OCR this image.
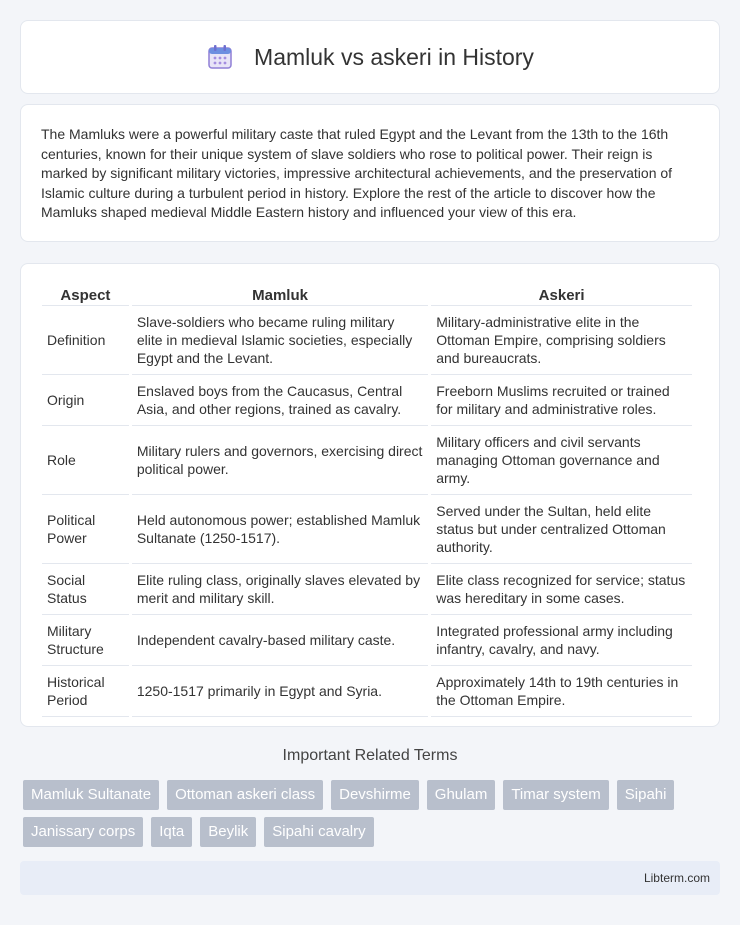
Mamluk vs askeri in History

The Mamluks were a powerful military caste that ruled Egypt and the Levant from the 13th to the 16th centuries, known for their unique system of slave soldiers who rose to political power. Their reign is marked by significant military victories, impressive architectural achievements, and the preservation of Islamic culture during a turbulent period in history. Explore the rest of the article to discover how the Mamluks shaped medieval Middle Eastern history and influenced your view of this era.

Aspect	Mamluk	Askeri
Definition	Slave-soldiers who became ruling military elite in medieval Islamic societies, especially Egypt and the Levant.	Military-administrative elite in the Ottoman Empire, comprising soldiers and bureaucrats.
Origin	Enslaved boys from the Caucasus, Central Asia, and other regions, trained as cavalry.	Freeborn Muslims recruited or trained for military and administrative roles.
Role	Military rulers and governors, exercising direct political power.	Military officers and civil servants managing Ottoman governance and army.
Political Power	Held autonomous power; established Mamluk Sultanate (1250-1517).	Served under the Sultan, held elite status but under centralized Ottoman authority.
Social Status	Elite ruling class, originally slaves elevated by merit and military skill.	Elite class recognized for service; status was hereditary in some cases.
Military Structure	Independent cavalry-based military caste.	Integrated professional army including infantry, cavalry, and navy.
Historical Period	1250-1517 primarily in Egypt and Syria.	Approximately 14th to 19th centuries in the Ottoman Empire.
Important Related Terms
Mamluk Sultanate	Ottoman askeri class	Devshirme	Ghulam	Timar system	Sipahi
Janissary corps	Iqta	Beylik	Sipahi cavalry
Libterm.com
